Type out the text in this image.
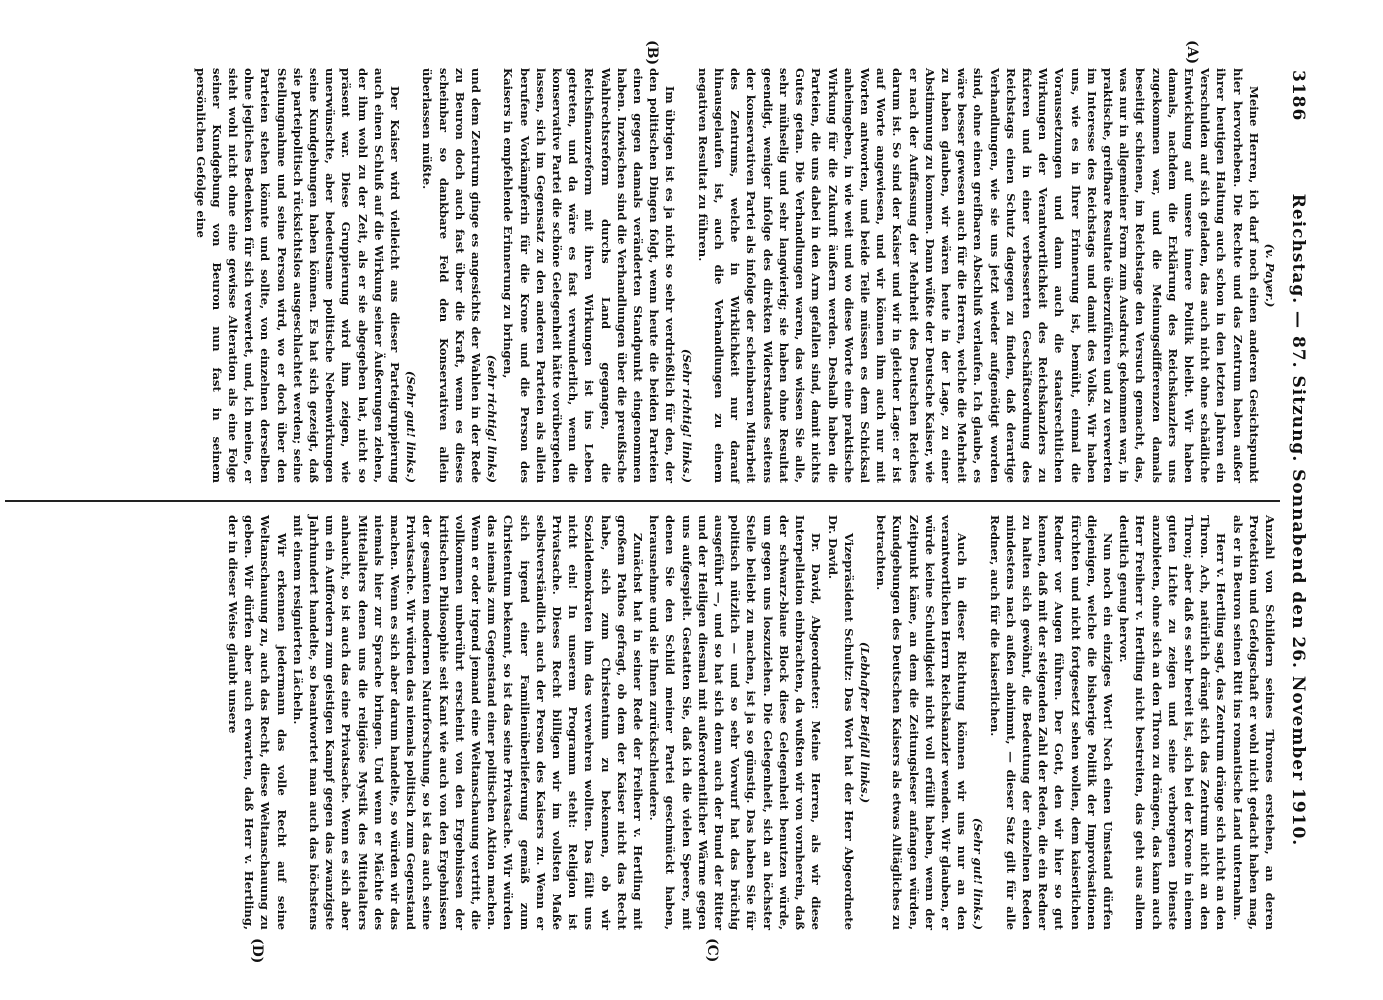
3186
Reichstag. — 87. Sitzung. Sonnabend den 26. November 1910.
(A)
(B)
(C)
(D)

(v. Payer.)

Meine Herren, ich darf noch einen anderen Gesichtspunkt hier hervorheben. Die Rechte und das Zentrum haben außer ihrer heutigen Haltung auch schon in den letzten Jahren ein Verschulden auf sich geladen, das auch nicht ohne schädliche Entwicklung auf unsere innere Politik bleibt. Wir haben damals, nachdem die Erklärung des Reichskanzlers uns zugekommen war, und die Meinungsdifferenzen damals beseitigt schienen, im Reichstage den Versuch gemacht, das, was nur in allgemeiner Form zum Ausdruck gekommen war, in praktische, greifbare Resultate überzuführen und zu verwerten im Interesse des Reichstags und damit des Volks. Wir haben uns, wie es in Ihrer Erinnerung ist, bemüht, einmal die Voraussetzungen und dann auch die staatsrechtlichen Wirkungen der Verantwortlichkeit des Reichskanzlers zu fixieren und in einer verbesserten Geschäftsordnung des Reichstags einen Schutz dagegen zu finden, daß derartige Verhandlungen, wie sie uns jetzt wieder aufgenötigt worden sind, ohne einen greifbaren Abschluß verlaufen. Ich glaube, es wäre besser gewesen auch für die Herren, welche die Mehrheit zu haben glauben, wir wären heute in der Lage, zu einer Abstimmung zu kommen. Dann wüßte der Deutsche Kaiser, wie er nach der Auffassung der Mehrheit des Deutschen Reiches darum ist. So sind der Kaiser und wir in gleicher Lage: er ist auf Worte angewiesen, und wir können ihm auch nur mit Worten antworten, und beide Teile müssen es dem Schicksal anheimgeben, in wie weit und wo diese Worte eine praktische Wirkung für die Zukunft äußern werden. Deshalb haben die Parteien, die uns dabei in den Arm gefallen sind, damit nichts Gutes getan. Die Verhandlungen waren, das wissen Sie alle, sehr mühselig und sehr langwierig; sie haben ohne Resultat geendigt, weniger infolge des direkten Widerstandes seitens der konservativen Partei als infolge der scheinbaren Mitarbeit des Zentrums, welche in Wirklichkeit nur darauf hinausgelaufen ist, auch die Verhandlungen zu einem negativen Resultat zu führen.

(Sehr richtig! links.)

Im übrigen ist es ja nicht so sehr verdrießlich für den, der den politischen Dingen folgt, wenn heute die beiden Parteien einen gegen damals veränderten Standpunkt eingenommen haben. Inzwischen sind die Verhandlungen über die preußische Wahlrechtsreform durchs Land gegangen, die Reichsfinanzreform mit ihren Wirkungen ist ins Leben getreten, und da wäre es fast verwunderlich, wenn die konservative Partei die schöne Gelegenheit hätte vorübergehen lassen, sich im Gegensatz zu den anderen Parteien als allein berufene Vorkämpferin für die Krone und die Person des Kaisers in empfehlende Erinnerung zu bringen,

(sehr richtig! links)

und dem Zentrum ginge es angesichts der Wahlen in der Rede zu Beuron doch auch fast über die Kraft, wenn es dieses scheinbar so dankbare Feld den Konservativen allein überlassen müßte.

(Sehr gut! links.)

Der Kaiser wird vielleicht aus dieser Parteigruppierung auch einen Schluß auf die Wirkung seiner Äußerungen ziehen, der ihm wohl zu der Zeit, als er sie abgegeben hat, nicht so präsent war. Diese Gruppierung wird ihm zeigen, wie unerwünschte, aber bedeutsame politische Nebenwirkungen seine Kundgebungen haben können. Es hat sich gezeigt, daß sie parteipolitisch rücksichtslos ausgeschlachtet werden; seine Stellungnahme und seine Person wird, wo er doch über den Parteien stehen könnte und sollte, von einzelnen derselben ohne jegliches Bedenken für sich verwertet, und, ich meine, er sieht wohl nicht ohne eine gewisse Alteration als eine Folge seiner Kundgebung von Beuron nun fast in seinem persönlichen Gefolge eine

Anzahl von Schildern seines Thrones erstehen, an deren Protektion und Gefolgschaft er wohl nicht gedacht haben mag, als er in Beuron seinen Ritt ins romantische Land unternahm.

Herr v. Hertling sagt, das Zentrum dränge sich nicht an den Thron. Ach, natürlich drängt sich das Zentrum nicht an den Thron; aber daß es sehr bereit ist, sich bei der Krone in einem guten Lichte zu zeigen und seine verborgenen Dienste anzubieten, ohne sich an den Thron zu drängen, das kann auch Herr Freiherr v. Hertling nicht bestreiten, das geht aus allem deutlich genug hervor.

Nun noch ein einziges Wort! Noch einen Umstand dürfen diejenigen, welche die bisherige Politik der Improvisationen fürchten und nicht fortgesetzt sehen wollen, dem kaiserlichen Redner vor Augen führen. Der Gott, den wir hier so gut kennen, daß mit der steigenden Zahl der Reden, die ein Redner zu halten sich gewöhnt, die Bedeutung der einzelnen Reden mindestens nach außen abnimmt, — dieser Satz gilt für alle Redner, auch für die kaiserlichen.

(Sehr gut! links.)

Auch in dieser Richtung können wir uns nur an den verantwortlichen Herrn Reichskanzler wenden. Wir glauben, er würde keine Schuldigkeit nicht voll erfüllt haben, wenn der Zeitpunkt käme, an dem die Zeitungsleser anfangen würden, Kundgebungen des Deutschen Kaisers als etwas Alltägliches zu betrachten.

(Lebhafter Beifall links.)

Vizepräsident Schultz: Das Wort hat der Herr Abgeordnete Dr. David.

Dr. David, Abgeordneter: Meine Herren, als wir diese Interpellation einbrachten, da wußten wir von vornherein, daß der schwarz-blaue Block diese Gelegenheit benutzen würde, um gegen uns loszuziehen. Die Gelegenheit, sich an höchster Stelle beliebt zu machen, ist ja so günstig. Das haben Sie für politisch nützlich — und so sehr Vorwurf hat das brüchig ausgeführt —, und so hat sich denn auch der Bund der Ritter und der Heiligen diesmal mit außerordentlicher Wärme gegen uns aufgespielt. Gestatten Sie, daß ich die vielen Speere, mit denen Sie den Schild meiner Partei geschmückt haben, herausnehme und sie Ihnen zurückschleudere.

Zunächst hat in seiner Rede der Freiherr v. Hertling mit großem Pathos gefragt, ob dem der Kaiser nicht das Recht habe, sich zum Christentum zu bekennen, ob wir Sozialdemokraten ihm das verwehren wollten. Das fällt uns nicht ein! In unserem Programm steht: Religion ist Privatsache. Dieses Recht billigen wir im vollsten Maße selbstverständlich auch der Person des Kaisers zu. Wenn er sich irgend einer Familienüberlieferung gemäß zum Christentum bekennt, so ist das seine Privatsache. Wir würden das niemals zum Gegenstand einer politischen Aktion machen. Wenn er oder irgend jemand eine Weltanschauung vertritt, die vollkommen unberührt erscheint von den Ergebnissen der kritischen Philosophie seit Kant wie auch von den Ergebnissen der gesamten modernen Naturforschung, so ist das auch seine Privatsache. Wir würden das niemals politisch zum Gegenstand machen. Wenn es sich aber darum handelte, so würden wir das niemals hier zur Sprache bringen. Und wenn er Mächte des Mittelalters denen uns die religiöse Mystik des Mittelalters anhaucht, so ist auch das eine Privatsache. Wenn es sich aber um ein Auffordern zum geistigen Kampf gegen das zwanzigste Jahrhundert handelte, so beantwortet man auch das höchstens mit einem resignierten Lächeln.

Wir erkennen jedermann das volle Recht auf seine Weltanschauung zu, auch das Recht, diese Weltanschauung zu geben. Wir dürfen aber auch erwarten, daß Herr v. Hertling, der in dieser Weise glaubt unsere
